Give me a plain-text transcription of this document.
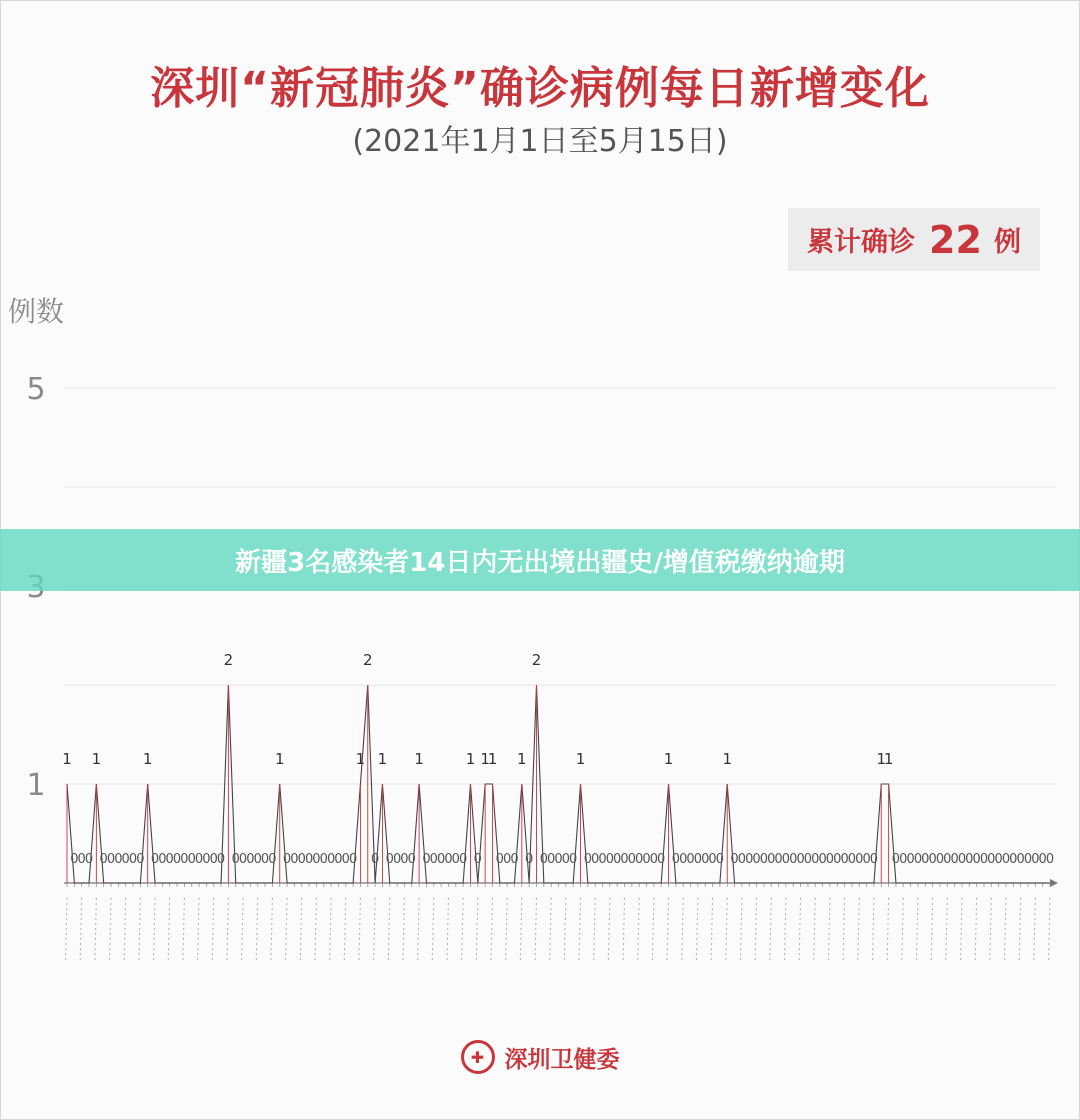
深圳“新冠肺炎”确诊病例每日新增变化
(2021年1月1日至5月15日)
累计确诊 22 例
例数
1
5
1
0 0 0
1
0 0 0 0 0 0
1
0 0 0 0 0 0 0 0 0 0
2
0 0 0 0 0 0
1
0 0 0 0 0 0 0 0 0 0
1
2
0
1
0 0 0 0
1
0 0 0 0 0 0
1
0
1
1
0 0 0
1
0
2
0 0 0 0 0
1
0 0 0 0 0 0 0 0 0 0 0
1
0 0 0 0 0 0 0
1
0 0 0 0 0 0 0 0 0 0 0 0 0 0 0 0 0 0 0 0
1
1
0 0 0 0 0 0 0 0 0 0 0 0 0 0 0 0 0 0 0 0 0 0
新疆3名感染者14日内无出境出疆史/增值税缴纳逾期
✚ 深圳卫健委
